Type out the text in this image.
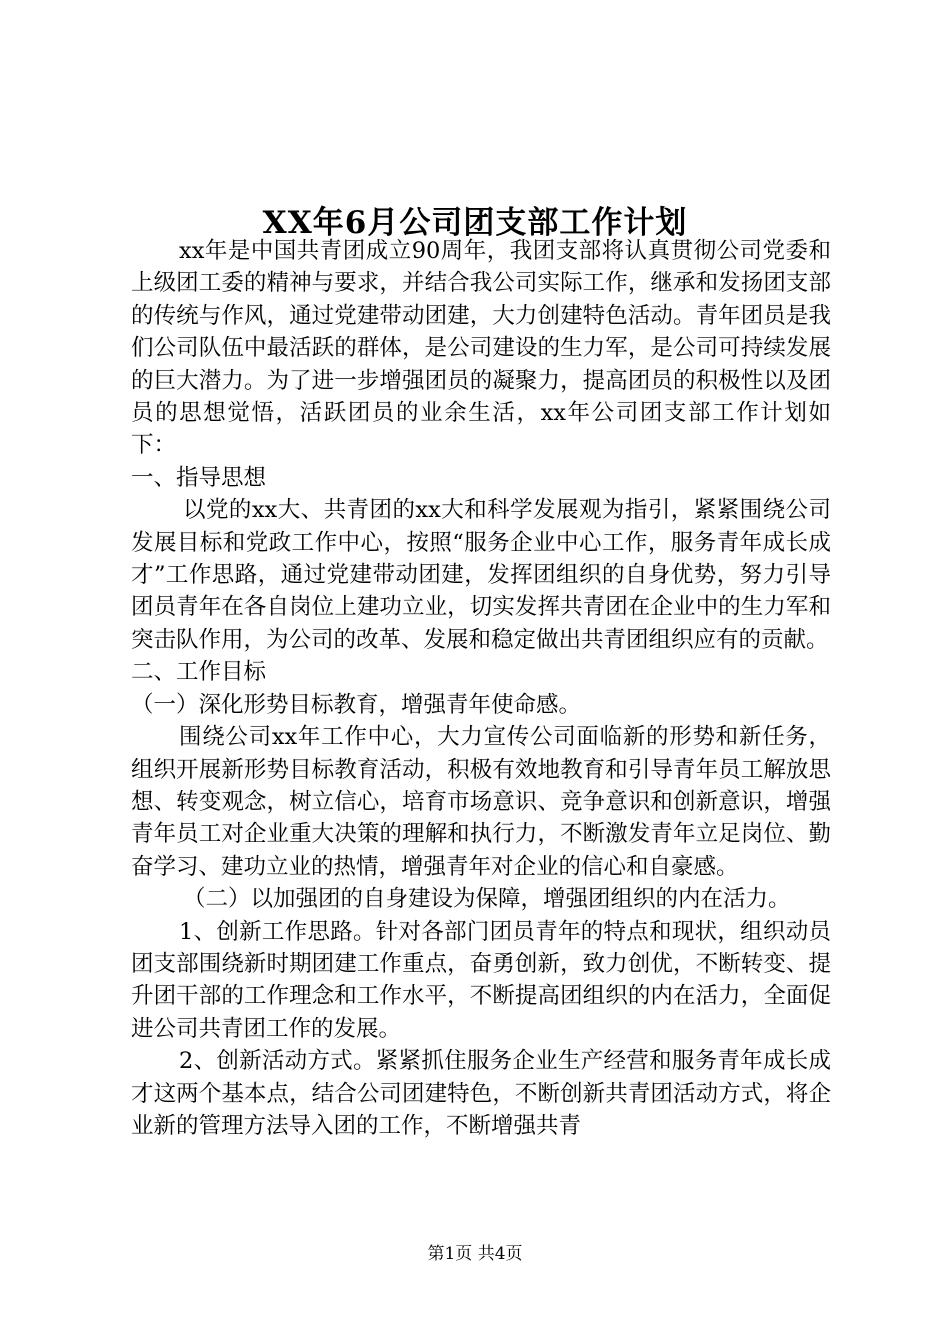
XX年6月公司团支部工作计划

xx年是中国共青团成立90周年，我团支部将认真贯彻公司党委和上级团工委的精神与要求，并结合我公司实际工作，继承和发扬团支部的传统与作风，通过党建带动团建，大力创建特色活动。青年团员是我们公司队伍中最活跃的群体，是公司建设的生力军，是公司可持续发展的巨大潜力。为了进一步增强团员的凝聚力，提高团员的积极性以及团员的思想觉悟，活跃团员的业余生活，xx年公司团支部工作计划如下：

一、指导思想

以党的xx大、共青团的xx大和科学发展观为指引，紧紧围绕公司发展目标和党政工作中心，按照“服务企业中心工作，服务青年成长成才”工作思路，通过党建带动团建，发挥团组织的自身优势，努力引导团员青年在各自岗位上建功立业，切实发挥共青团在企业中的生力军和突击队作用，为公司的改革、发展和稳定做出共青团组织应有的贡献。

二、工作目标

（一）深化形势目标教育，增强青年使命感。

围绕公司xx年工作中心，大力宣传公司面临新的形势和新任务，组织开展新形势目标教育活动，积极有效地教育和引导青年员工解放思想、转变观念，树立信心，培育市场意识、竞争意识和创新意识，增强青年员工对企业重大决策的理解和执行力，不断激发青年立足岗位、勤奋学习、建功立业的热情，增强青年对企业的信心和自豪感。

（二）以加强团的自身建设为保障，增强团组织的内在活力。

1、创新工作思路。针对各部门团员青年的特点和现状，组织动员团支部围绕新时期团建工作重点，奋勇创新，致力创优，不断转变、提升团干部的工作理念和工作水平，不断提高团组织的内在活力，全面促进公司共青团工作的发展。

2、创新活动方式。紧紧抓住服务企业生产经营和服务青年成长成才这两个基本点，结合公司团建特色，不断创新共青团活动方式，将企业新的管理方法导入团的工作，不断增强共青

第1页 共4页
